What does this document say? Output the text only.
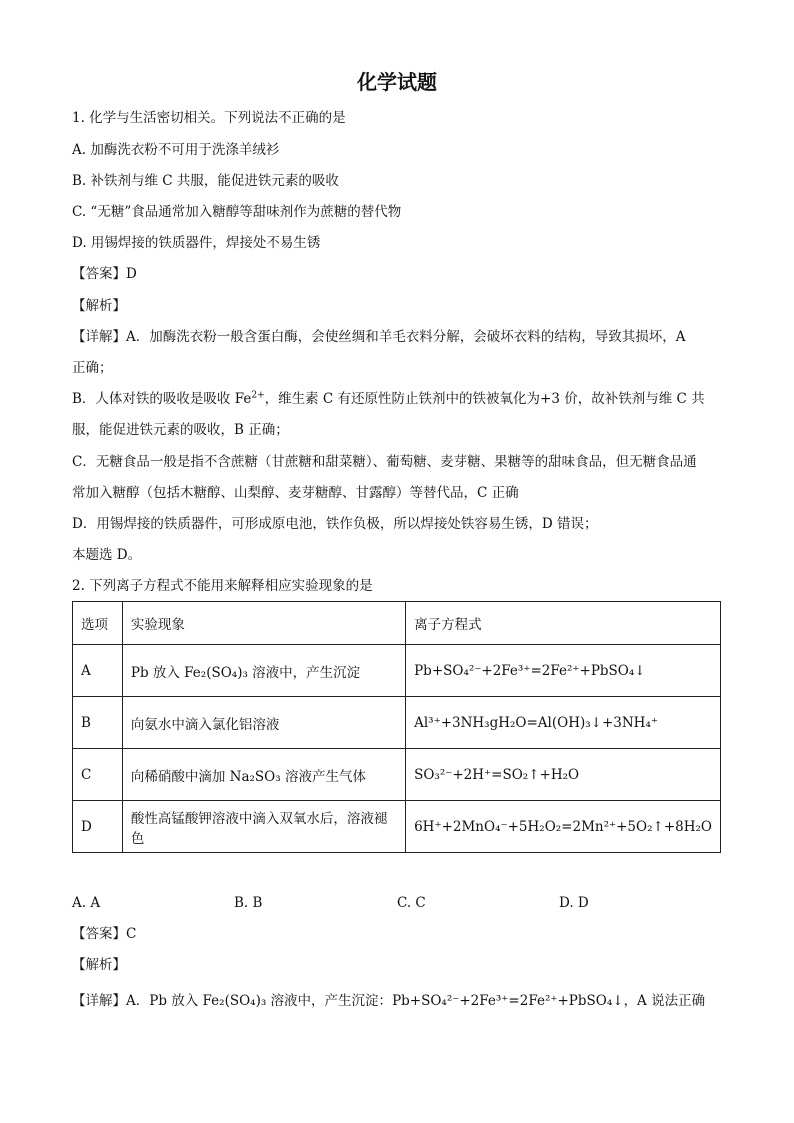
化学试题
1. 化学与生活密切相关。下列说法不正确的是
A. 加酶洗衣粉不可用于洗涤羊绒衫
B. 补铁剂与维 C 共服，能促进铁元素的吸收
C. “无糖”食品通常加入糖醇等甜味剂作为蔗糖的替代物
D. 用锡焊接的铁质器件，焊接处不易生锈
【答案】D
【解析】
【详解】A．加酶洗衣粉一般含蛋白酶，会使丝绸和羊毛衣料分解，会破坏衣料的结构，导致其损坏，A
正确；
B．人体对铁的吸收是吸收 $Fe^{2+}$，维生素 C 有还原性防止铁剂中的铁被氧化为+3 价，故补铁剂与维 C 共
服，能促进铁元素的吸收，B 正确；
C．无糖食品一般是指不含蔗糖（甘蔗糖和甜菜糖）、葡萄糖、麦芽糖、果糖等的甜味食品，但无糖食品通
常加入糖醇（包括木糖醇、山梨醇、麦芽糖醇、甘露醇）等替代品，C 正确
D．用锡焊接的铁质器件，可形成原电池，铁作负极，所以焊接处铁容易生锈，D 错误；
本题选 D。
2. 下列离子方程式不能用来解释相应实验现象的是
选项	实验现象	离子方程式
A	Pb 放入 Fe₂(SO₄)₃ 溶液中，产生沉淀	Pb+SO₄²⁻+2Fe³⁺=2Fe²⁺+PbSO₄↓
B	向氨水中滴入氯化铝溶液	Al³⁺+3NH₃gH₂O=Al(OH)₃↓+3NH₄⁺
C	向稀硝酸中滴加 Na₂SO₃ 溶液产生气体	SO₃²⁻+2H⁺=SO₂↑+H₂O
D	酸性高锰酸钾溶液中滴入双氧水后，溶液褪色	6H⁺+2MnO₄⁻+5H₂O₂=2Mn²⁺+5O₂↑+8H₂O
A. A	B. B	C. C	D. D
【答案】C
【解析】
【详解】A．Pb 放入 Fe₂(SO₄)₃ 溶液中，产生沉淀：Pb+SO₄²⁻+2Fe³⁺=2Fe²⁺+PbSO₄↓，A 说法正确
